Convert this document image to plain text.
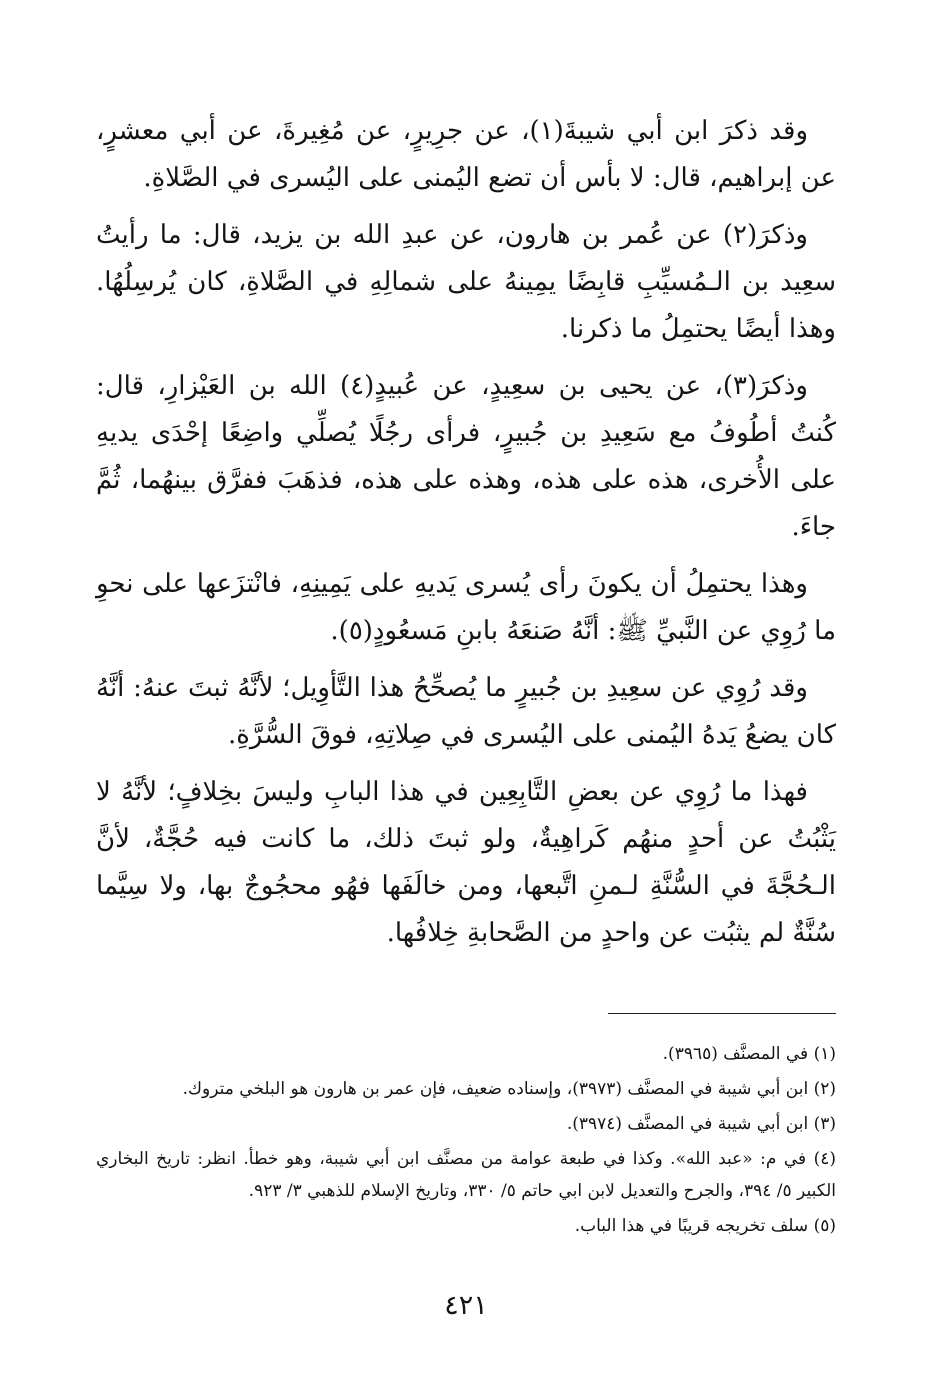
وقد ذكرَ ابن أبي شيبةَ(١)، عن جرِيرٍ، عن مُغِيرةَ، عن أبي معشرٍ، عن إبراهيم، قال: لا بأس أن تضع اليُمنى على اليُسرى في الصَّلاةِ.

وذكرَ(٢) عن عُمر بن هارون، عن عبدِ الله بن يزيد، قال: ما رأيتُ سعِيد بن الـمُسيِّبِ قابِضًا يمِينهُ على شمالِهِ في الصَّلاةِ، كان يُرسِلُهُا. وهذا أيضًا يحتمِلُ ما ذكرنا.

وذكرَ(٣)، عن يحيى بن سعِيدٍ، عن عُبيدٍ(٤) الله بن العَيْزارِ، قال: كُنتُ أطُوفُ مع سَعِيدِ بن جُبيرٍ، فرأى رجُلًا يُصلِّي واضِعًا إحْدَى يديهِ على الأُخرى، هذه على هذه، وهذه على هذه، فذهَبَ ففرَّق بينهُما، ثُمَّ جاءَ.

وهذا يحتمِلُ أن يكونَ رأى يُسرى يَديهِ على يَمِينِهِ، فانْتزَعها على نحوِ ما رُوِي عن النَّبيِّ ﷺ: أنَّهُ صَنعَهُ بابنِ مَسعُودٍ(٥).

وقد رُوِي عن سعِيدِ بن جُبيرٍ ما يُصحِّحُ هذا التَّأوِيل؛ لأنَّهُ ثبتَ عنهُ: أنَّهُ كان يضعُ يَدهُ اليُمنى على اليُسرى في صِلاتِهِ، فوقَ السُّرَّةِ.

فهذا ما رُوِي عن بعضِ التَّابِعِين في هذا البابِ وليسَ بخِلافٍ؛ لأنَّهُ لا يَثْبُتُ عن أحدٍ منهُم كَراهِيةٌ، ولو ثبتَ ذلك، ما كانت فيه حُجَّةٌ، لأنَّ الـحُجَّةَ في السُّنَّةِ لـمنِ اتَّبعها، ومن خالَفَها فهُو محجُوجٌ بها، ولا سِيَّما سُنَّةٌ لم يثبُت عن واحدٍ من الصَّحابةِ خِلافُها.

(١) في المصنَّف (٣٩٦٥).

(٢) ابن أبي شيبة في المصنَّف (٣٩٧٣)، وإسناده ضعيف، فإن عمر بن هارون هو البلخي متروك.

(٣) ابن أبي شيبة في المصنَّف (٣٩٧٤).

(٤) في م: «عبد الله». وكذا في طبعة عوامة من مصنَّف ابن أبي شيبة، وهو خطأ. انظر: تاريخ البخاري الكبير ٥/ ٣٩٤، والجرح والتعديل لابن ابي حاتم ٥/ ٣٣٠، وتاريخ الإسلام للذهبي ٣/ ٩٢٣.

(٥) سلف تخريجه قريبًا في هذا الباب.

٤٢١
